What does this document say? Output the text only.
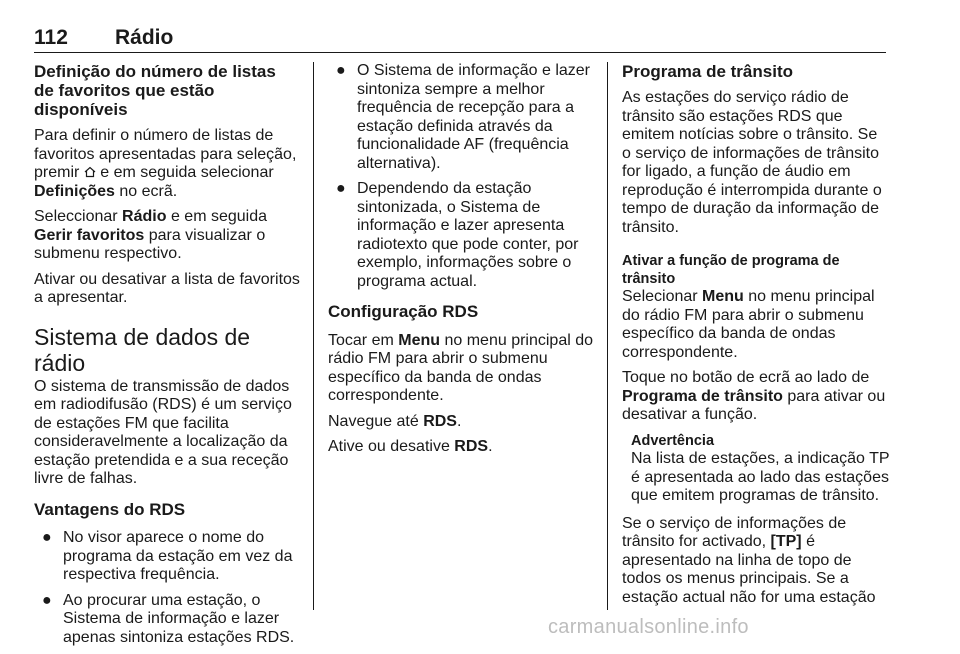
112 Rádio
Definição do número de listas de favoritos que estão disponíveis

Para definir o número de listas de favoritos apresentadas para seleção, premir  e em seguida selecionar Definições no ecrã.

Seleccionar Rádio e em seguida Gerir favoritos para visualizar o submenu respectivo.

Ativar ou desativar a lista de favoritos a apresentar.

Sistema de dados de rádio

O sistema de transmissão de dados em radiodifusão (RDS) é um serviço de estações FM que facilita consideravelmente a localização da estação pretendida e a sua receção livre de falhas.

Vantagens do RDS
● No visor aparece o nome do programa da estação em vez da respectiva frequência.
● Ao procurar uma estação, o Sistema de informação e lazer apenas sintoniza estações RDS.
● O Sistema de informação e lazer sintoniza sempre a melhor frequência de recepção para a estação definida através da funcionalidade AF (frequência alternativa).
● Dependendo da estação sintonizada, o Sistema de informação e lazer apresenta radiotexto que pode conter, por exemplo, informações sobre o programa actual.
Configuração RDS

Tocar em Menu no menu principal do rádio FM para abrir o submenu específico da banda de ondas correspondente.

Navegue até RDS.

Ative ou desative RDS.

Programa de trânsito

As estações do serviço rádio de trânsito são estações RDS que emitem notícias sobre o trânsito. Se o serviço de informações de trânsito for ligado, a função de áudio em reprodução é interrompida durante o tempo de duração da informação de trânsito.

Ativar a função de programa de trânsito

Selecionar Menu no menu principal do rádio FM para abrir o submenu específico da banda de ondas correspondente.

Toque no botão de ecrã ao lado de Programa de trânsito para ativar ou desativar a função.

Advertência
Na lista de estações, a indicação TP é apresentada ao lado das estações que emitem programas de trânsito.

Se o serviço de informações de trânsito for activado, [TP] é apresentado na linha de topo de todos os menus principais. Se a estação actual não for uma estação

carmanualsonline.info
